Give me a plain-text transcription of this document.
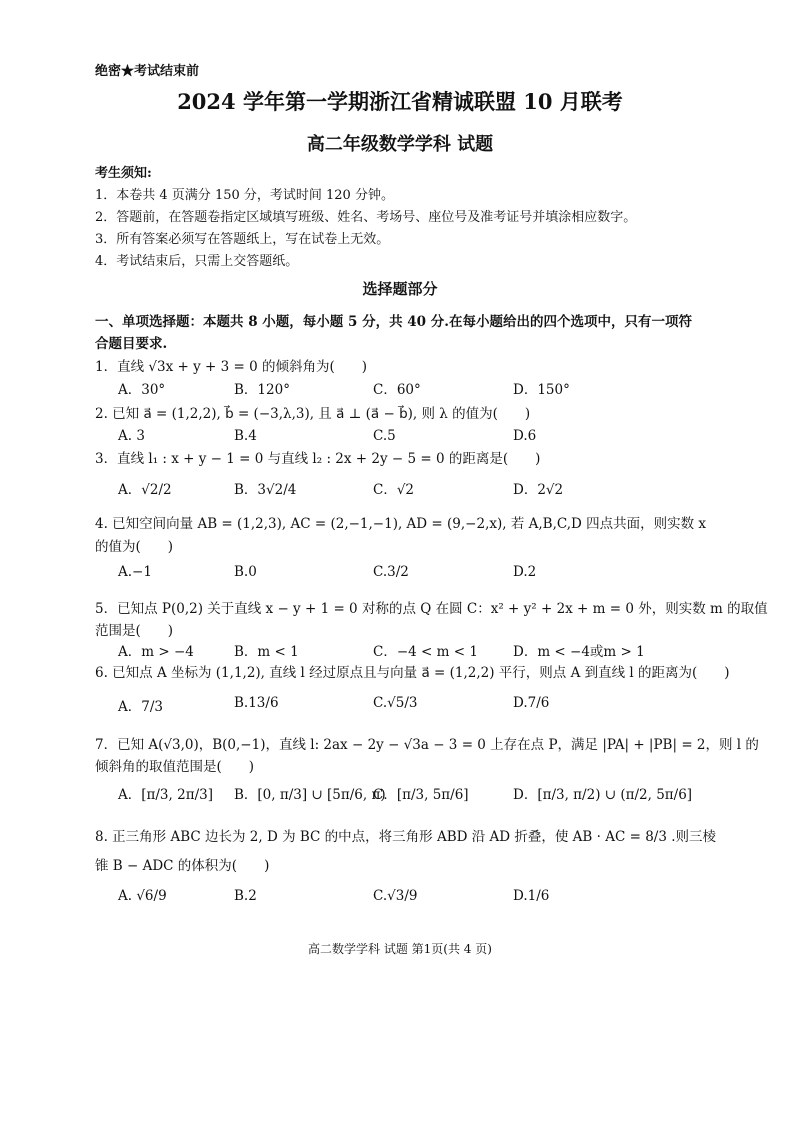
绝密★考试结束前
2024 学年第一学期浙江省精诚联盟 10 月联考
高二年级数学学科 试题
考生须知:
1．本卷共 4 页满分 150 分，考试时间 120 分钟。
2．答题前，在答题卷指定区域填写班级、姓名、考场号、座位号及准考证号并填涂相应数字。
3．所有答案必须写在答题纸上，写在试卷上无效。
4．考试结束后，只需上交答题纸。
选择题部分
一、单项选择题：本题共 8 小题，每小题 5 分，共 40 分.在每小题给出的四个选项中，只有一项符
合题目要求.
1．直线 √3x + y + 3 = 0 的倾斜角为(　　)
A．30°	B．120°	C．60°	D．150°
2. 已知 a⃗ = (1,2,2), b⃗ = (−3,λ,3), 且 a⃗ ⊥ (a⃗ − b⃗), 则 λ 的值为(　　)
A. 3	B.4	C.5	D.6
3．直线 l₁ : x + y − 1 = 0 与直线 l₂ : 2x + 2y − 5 = 0 的距离是(　　)
A．√2/2	B．3√2/4	C．√2	D．2√2
4. 已知空间向量 AB = (1,2,3), AC = (2,−1,−1), AD = (9,−2,x), 若 A,B,C,D 四点共面，则实数 x
的值为(　　)
A.−1	B.0	C.3/2	D.2
5．已知点 P(0,2) 关于直线 x − y + 1 = 0 对称的点 Q 在圆 C：x² + y² + 2x + m = 0 外，则实数 m 的取值
范围是(　　)
A．m > −4	B．m < 1	C．−4 < m < 1	D．m < −4或m > 1
6. 已知点 A 坐标为 (1,1,2), 直线 l 经过原点且与向量 a⃗ = (1,2,2) 平行，则点 A 到直线 l 的距离为(　　)
A．7/3	B.13/6	C.√5/3	D.7/6
7．已知 A(√3,0)，B(0,−1)，直线 l: 2ax − 2y − √3a − 3 = 0 上存在点 P，满足 |PA| + |PB| = 2，则 l 的
倾斜角的取值范围是(　　)
A．[π/3, 2π/3] B．[0, π/3] ∪ [5π/6, π)
C．[π/3, 5π/6]	D．[π/3, π/2) ∪ (π/2, 5π/6]
8. 正三角形 ABC 边长为 2, D 为 BC 的中点，将三角形 ABD 沿 AD 折叠，使 AB · AC = 8/3 .则三棱
锥 B − ADC 的体积为(　　)
A. √6/9	B.2	C.√3/9	D.1/6
高二数学学科 试题 第1页(共 4 页)
